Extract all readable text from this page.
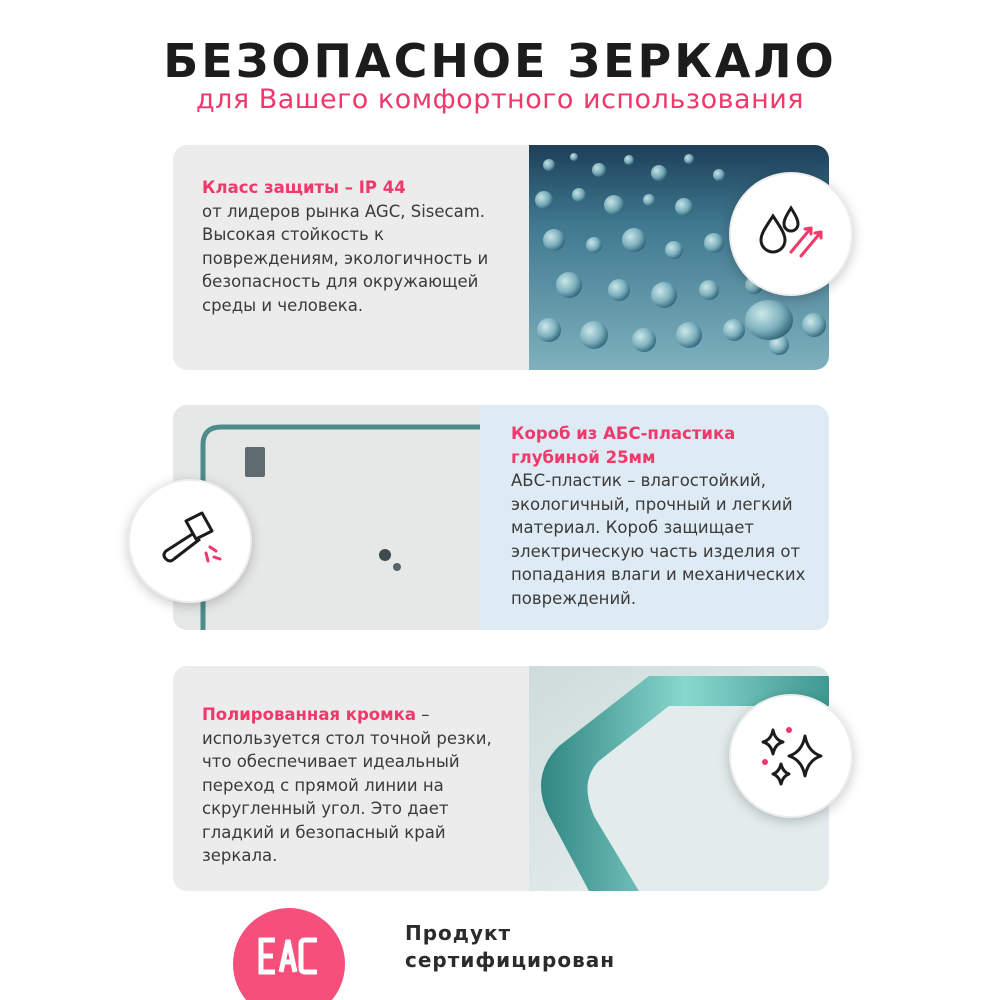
БЕЗОПАСНОЕ ЗЕРКАЛО
для Вашего комфортного использования
Класс защиты – IP 44
от лидеров рынка AGC, Sisecam. Высокая стойкость к повреждениям, экологичность и безопасность для окружающей среды и человека.
Короб из АБС-пластика глубиной 25мм
АБС-пластик – влагостойкий, экологичный, прочный и легкий материал. Короб защищает электрическую часть изделия от попадания влаги и механических повреждений.
Полированная кромка – используется стол точной резки, что обеспечивает идеальный переход с прямой линии на скругленный угол. Это дает гладкий и безопасный край зеркала.
Продукт
сертифицирован
